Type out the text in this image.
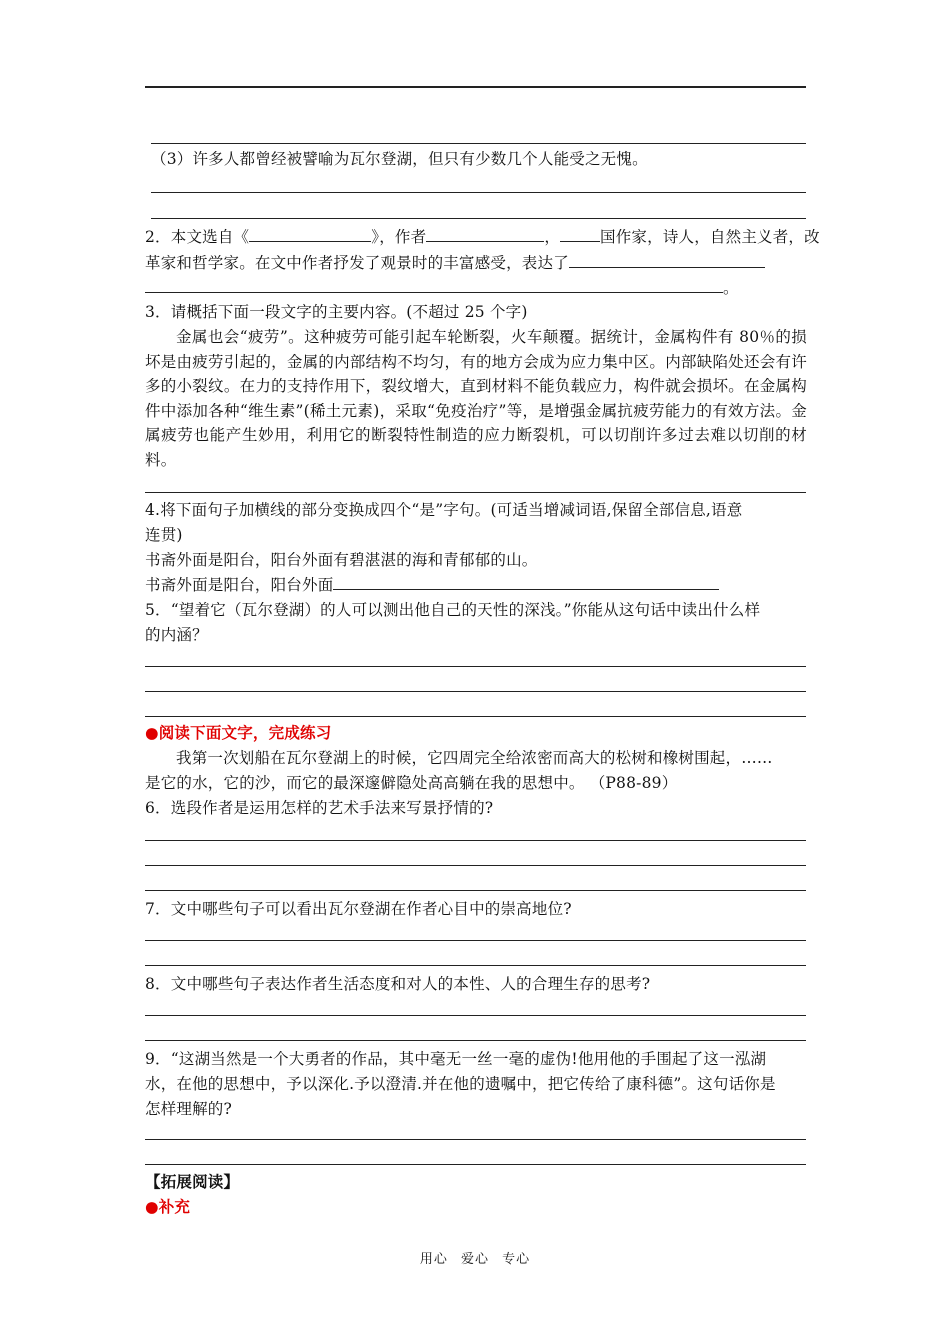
（3）许多人都曾经被譬喻为瓦尔登湖，但只有少数几个人能受之无愧。
2．本文选自《	》，作者	，	国作家，诗人，自然主义者，改
革家和哲学家。在文中作者抒发了观景时的丰富感受，表达了
。
3．请概括下面一段文字的主要内容。(不超过 25 个字)
金属也会“疲劳”。这种疲劳可能引起车轮断裂，火车颠覆。据统计，金属构件有 80％的损坏是由疲劳引起的，金属的内部结构不均匀，有的地方会成为应力集中区。内部缺陷处还会有许多的小裂纹。在力的支持作用下，裂纹增大，直到材料不能负载应力，构件就会损坏。在金属构件中添加各种“维生素”(稀土元素)，采取“免疫治疗”等，是增强金属抗疲劳能力的有效方法。金属疲劳也能产生妙用，利用它的断裂特性制造的应力断裂机，可以切削许多过去难以切削的材料。
4.将下面句子加横线的部分变换成四个“是”字句。(可适当增减词语,保留全部信息,语意
连贯)
书斋外面是阳台，阳台外面有碧湛湛的海和青郁郁的山。
书斋外面是阳台，阳台外面
5．“望着它（瓦尔登湖）的人可以测出他自己的天性的深浅。”你能从这句话中读出什么样
的内涵？
●阅读下面文字，完成练习
我第一次划船在瓦尔登湖上的时候，它四周完全给浓密而高大的松树和橡树围起，……
是它的水，它的沙，而它的最深邃僻隐处高高躺在我的思想中。 （P88-89）
6．选段作者是运用怎样的艺术手法来写景抒情的?
7．文中哪些句子可以看出瓦尔登湖在作者心目中的崇高地位?
8．文中哪些句子表达作者生活态度和对人的本性、人的合理生存的思考?
9．“这湖当然是一个大勇者的作品，其中毫无一丝一毫的虚伪!他用他的手围起了这一泓湖
水，在他的思想中，予以深化.予以澄清.并在他的遗嘱中，把它传给了康科德”。这句话你是
怎样理解的?
【拓展阅读】
●补充
用心 爱心 专心
